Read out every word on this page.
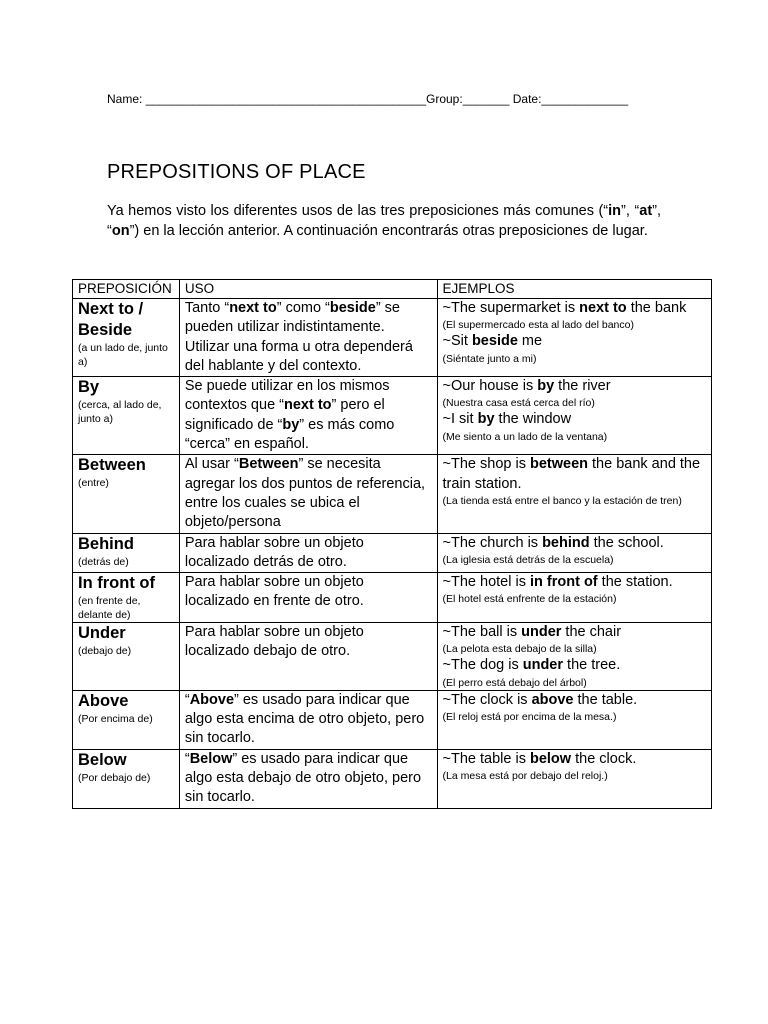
Name: __________________________________________Group:_______ Date:_____________
PREPOSITIONS OF PLACE

Ya hemos visto los diferentes usos de las tres preposiciones más comunes (“in”, “at”, “on”) en la lección anterior. A continuación encontrarás otras preposiciones de lugar.

PREPOSICIÓN	USO	EJEMPLOS

Next to / Beside
(a un lado de, junto a)	Tanto “next to” como “beside” se pueden utilizar indistintamente. Utilizar una forma u otra dependerá del hablante y del contexto.	~The supermarket is next to the bank
(El supermercado esta al lado del banco)
~Sit beside me
(Siéntate junto a mi)

By
(cerca, al lado de, junto a)	Se puede utilizar en los mismos contextos que “next to” pero el significado de “by” es más como “cerca” en español.	~Our house is by the river
(Nuestra casa está cerca del río)
~I sit by the window
(Me siento a un lado de la ventana)

Between
(entre)	Al usar “Between” se necesita agregar los dos puntos de referencia, entre los cuales se ubica el objeto/persona	~The shop is between the bank and the train station.
(La tienda está entre el banco y la estación de tren)

Behind
(detrás de)	Para hablar sobre un objeto localizado detrás de otro.	~The church is behind the school.
(La iglesia está detrás de la escuela)

In front of
(en frente de, delante de)	Para hablar sobre un objeto localizado en frente de otro.	~The hotel is in front of the station.
(El hotel está enfrente de la estación)

Under
(debajo de)	Para hablar sobre un objeto localizado debajo de otro.	~The ball is under the chair
(La pelota esta debajo de la silla)
~The dog is under the tree.
(El perro está debajo del árbol)

Above
(Por encima de)	“Above” es usado para indicar que algo esta encima de otro objeto, pero sin tocarlo.	~The clock is above the table.
(El reloj está por encima de la mesa.)

Below
(Por debajo de)	“Below” es usado para indicar que algo esta debajo de otro objeto, pero sin tocarlo.	~The table is below the clock.
(La mesa está por debajo del reloj.)
